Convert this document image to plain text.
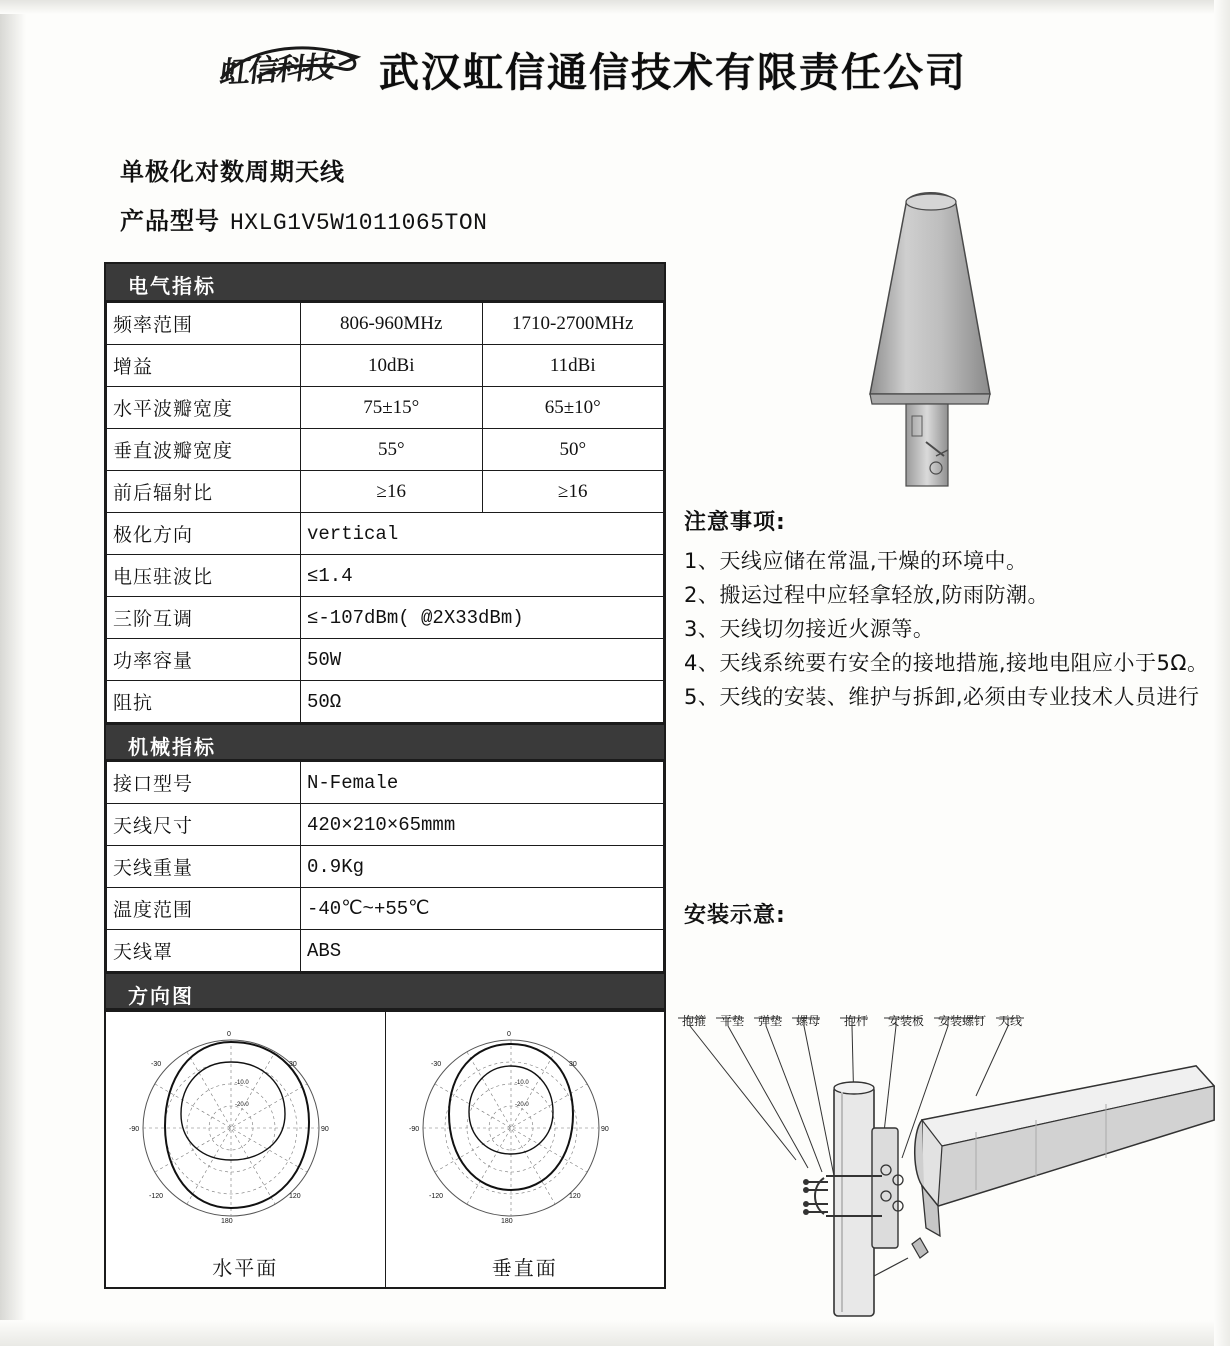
虹信科技 武汉虹信通信技术有限责任公司
单极化对数周期天线
产品型号 HXLG1V5W1011065TON
电气指标
频率范围	806-960MHz	1710-2700MHz
增益	10dBi	11dBi
水平波瓣宽度	75±15°	65±10°
垂直波瓣宽度	55°	50°
前后辐射比	≥16	≥16
极化方向	vertical	
电压驻波比	≤1.4	
三阶互调	≤-107dBm( @2X33dBm)	
功率容量	50W	
阻抗	50Ω	
机械指标
接口型号	N-Female
天线尺寸	420×210×65mmm
天线重量	0.9Kg
温度范围	-40℃~+55℃
天线罩	ABS
方向图
0
30
90
120
180
-120
-90
-30
-10.0
-20.0
水平面
0
30
90
120
180
-120
-90
-30
-10.0
-20.0
垂直面
注意事项:
1、天线应储在常温,干燥的环境中。
2、搬运过程中应轻拿轻放,防雨防潮。
3、天线切勿接近火源等。
4、天线系统要冇安全的接地措施,接地电阻应小于5Ω。
5、天线的安装、维护与拆卸,必须由专业技术人员进行
安装示意:
抱箍 平垫 弹垫 螺母 抱杆 安装板 安装螺钉 天线
